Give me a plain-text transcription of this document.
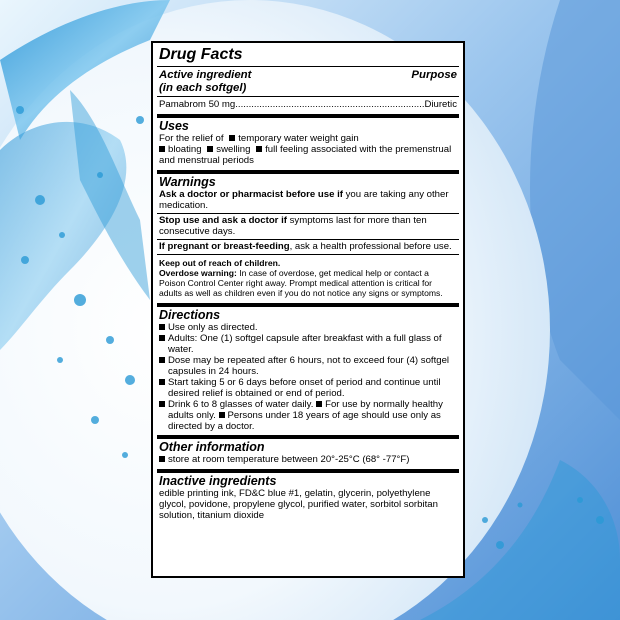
Drug Facts
Active ingredient	Purpose
(in each softgel)
Pamabrom 50 mg
.....	Diuretic
Uses
For the relief of temporary water weight gain
bloating swelling full feeling associated with the premenstrual and menstrual periods
Warnings
Ask a doctor or pharmacist before use if you are taking any other medication.
Stop use and ask a doctor if symptoms last for more than ten consecutive days.
If pregnant or breast-feeding, ask a health professional before use.
Keep out of reach of children.
Overdose warning: In case of overdose, get medical help or contact a Poison Control Center right away. Prompt medical attention is critical for adults as well as children even if you do not notice any signs or symptoms.
Directions
Use only as directed.
Adults: One (1) softgel capsule after breakfast with a full glass of water.
Dose may be repeated after 6 hours, not to exceed four (4) softgel capsules in 24 hours.
Start taking 5 or 6 days before onset of period and continue until desired relief is obtained or end of period.
Drink 6 to 8 glasses of water daily. For use by normally healthy adults only. Persons under 18 years of age should use only as directed by a doctor.
Other information
store at room temperature between 20°-25°C (68° -77°F)
Inactive ingredients
edible printing ink, FD&C blue #1, gelatin, glycerin, polyethylene glycol, povidone, propylene glycol, purified water, sorbitol sorbitan solution, titanium dioxide
